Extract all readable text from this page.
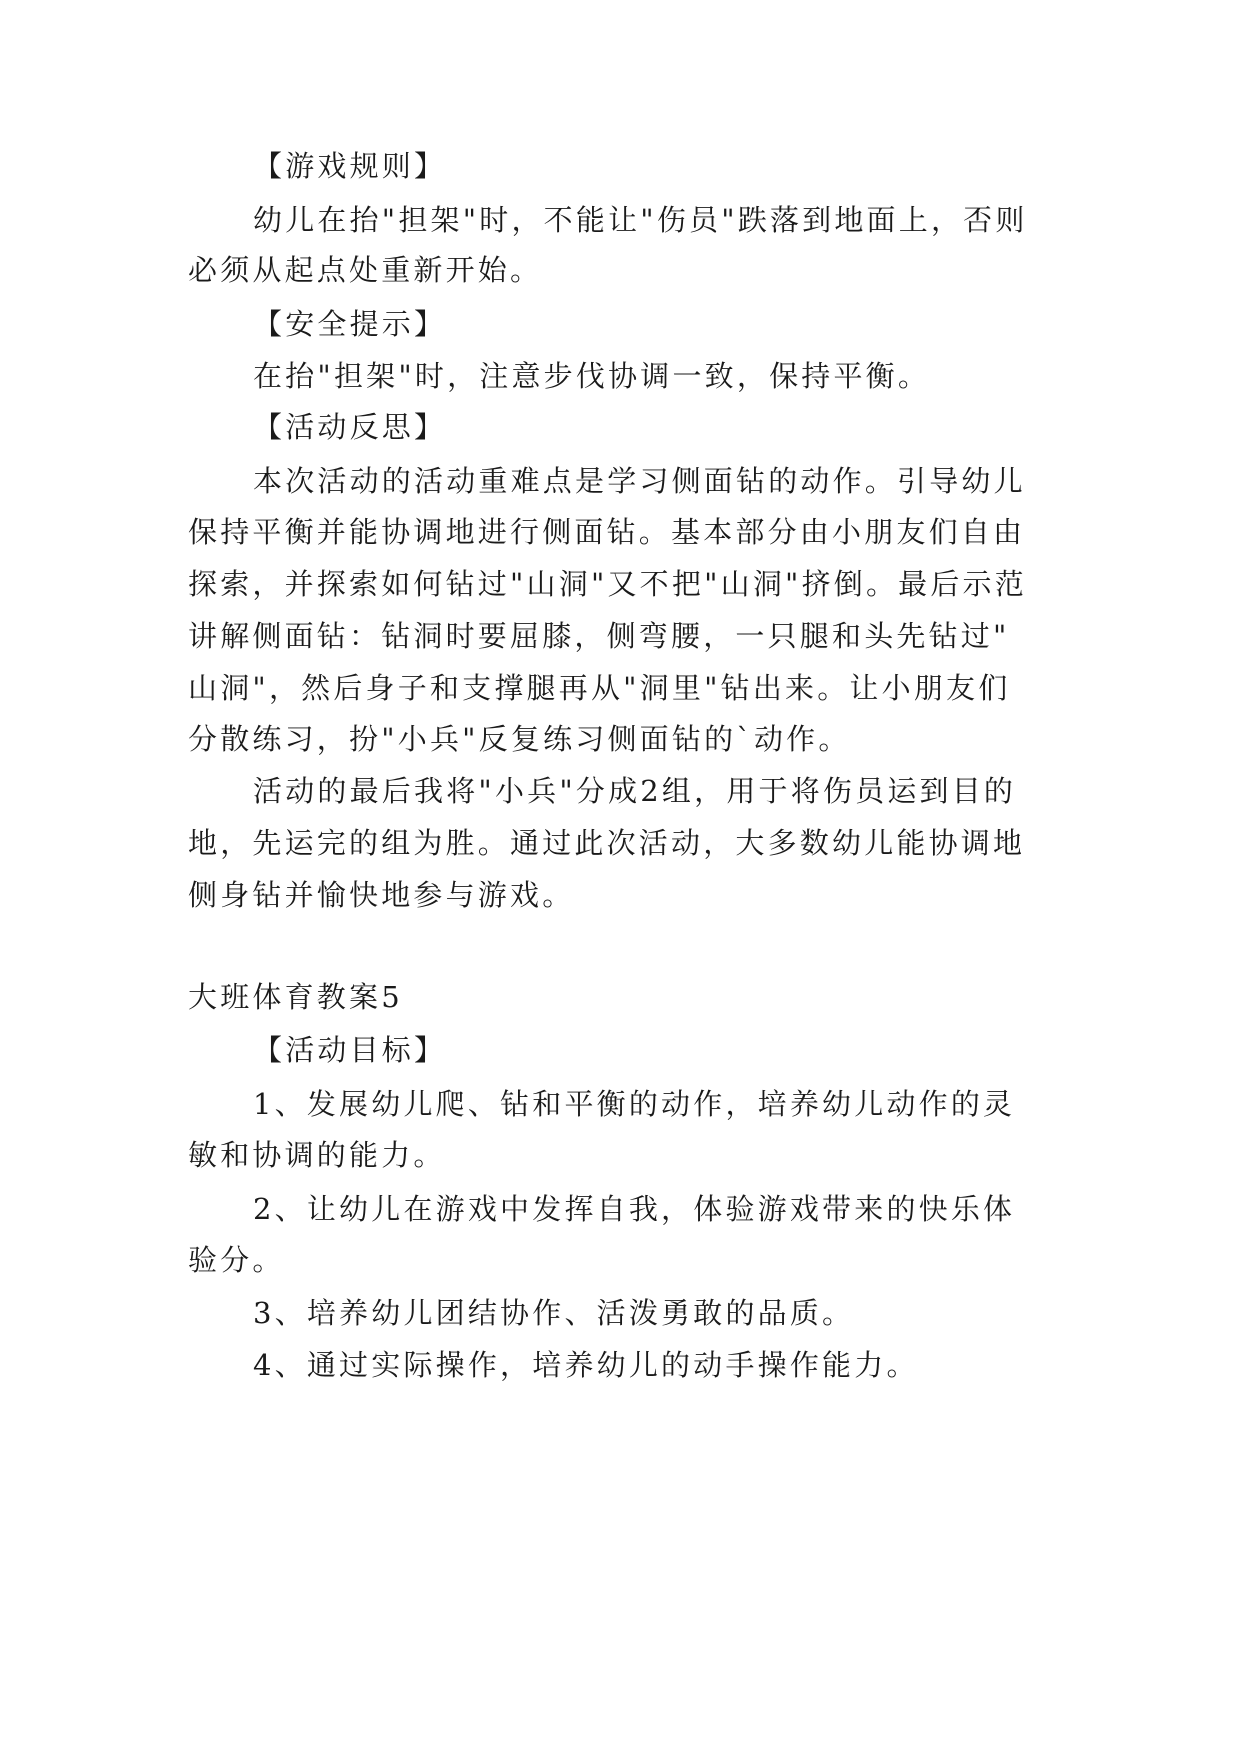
【游戏规则】
幼儿在抬"担架"时，不能让"伤员"跌落到地面上，否则
必须从起点处重新开始。
【安全提示】
在抬"担架"时，注意步伐协调一致，保持平衡。
【活动反思】
本次活动的活动重难点是学习侧面钻的动作。引导幼儿
保持平衡并能协调地进行侧面钻。基本部分由小朋友们自由
探索，并探索如何钻过"山洞"又不把"山洞"挤倒。最后示范
讲解侧面钻：钻洞时要屈膝，侧弯腰，一只腿和头先钻过"
山洞"，然后身子和支撑腿再从"洞里"钻出来。让小朋友们
分散练习，扮"小兵"反复练习侧面钻的`动作。
活动的最后我将"小兵"分成2组，用于将伤员运到目的
地，先运完的组为胜。通过此次活动，大多数幼儿能协调地
侧身钻并愉快地参与游戏。
大班体育教案5
【活动目标】
1、发展幼儿爬、钻和平衡的动作，培养幼儿动作的灵
敏和协调的能力。
2、让幼儿在游戏中发挥自我，体验游戏带来的快乐体
验分。
3、培养幼儿团结协作、活泼勇敢的品质。
4、通过实际操作，培养幼儿的动手操作能力。
